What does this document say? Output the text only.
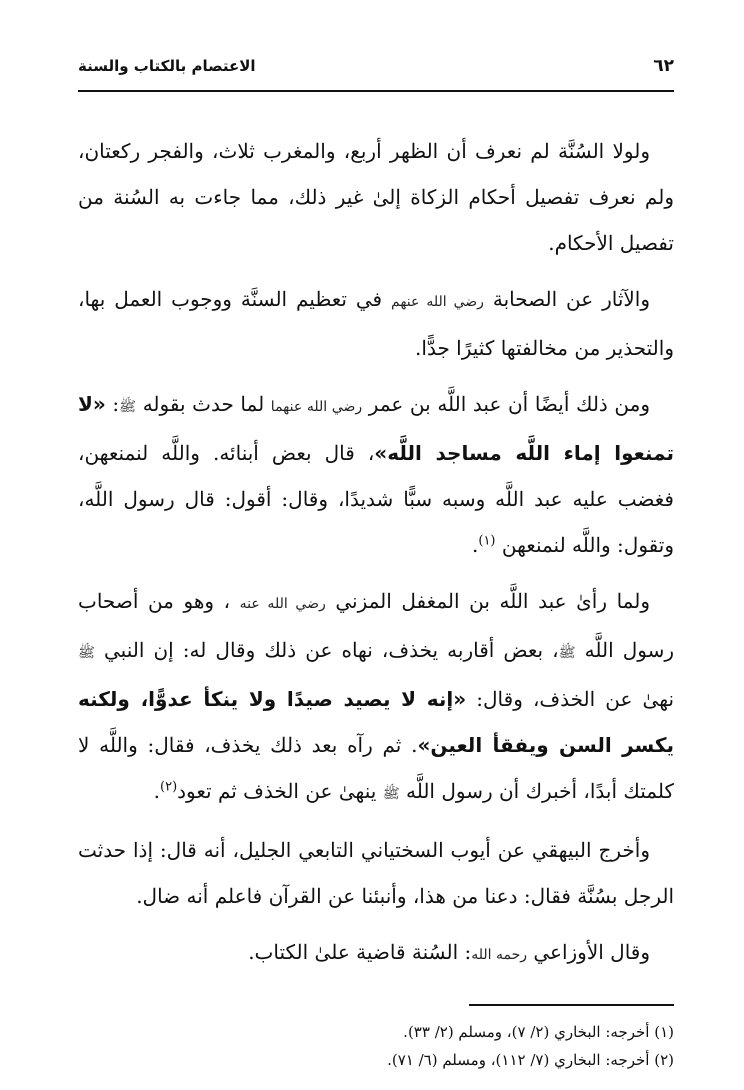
٦٢
الاعتصام بالكتاب والسنة

ولولا السُنَّة لم نعرف أن الظهر أربع، والمغرب ثلاث، والفجر ركعتان، ولم نعرف تفصيل أحكام الزكاة إلىٰ غير ذلك، مما جاءت به السُنة من تفصيل الأحكام.

والآثار عن الصحابة رضي الله عنهم في تعظيم السنَّة ووجوب العمل بها، والتحذير من مخالفتها كثيرًا جدًّا.

ومن ذلك أيضًا أن عبد اللَّه بن عمر رضي الله عنهما لما حدث بقوله ﷺ: «لا تمنعوا إماء اللَّه مساجد اللَّه»، قال بعض أبنائه. واللَّه لنمنعهن، فغضب عليه عبد اللَّه وسبه سبًّا شديدًا، وقال: أقول: قال رسول اللَّه، وتقول: واللَّه لنمنعهن $^{(١)}$.

ولما رأىٰ عبد اللَّه بن المغفل المزني رضي الله عنه ، وهو من أصحاب رسول اللَّه ﷺ، بعض أقاربه يخذف، نهاه عن ذلك وقال له: إن النبي ﷺ نهىٰ عن الخذف، وقال: «إنه لا يصيد صيدًا ولا ينكأ عدوًّا، ولكنه يكسر السن ويفقأ العين». ثم رآه بعد ذلك يخذف، فقال: واللَّه لا كلمتك أبدًا، أخبرك أن رسول اللَّه ﷺ ينهىٰ عن الخذف ثم تعود$^{(٢)}$.

وأخرج البيهقي عن أيوب السختياني التابعي الجليل، أنه قال: إذا حدثت الرجل بسُنَّة فقال: دعنا من هذا، وأنبئنا عن القرآن فاعلم أنه ضال.

وقال الأوزاعي رحمه الله: السُنة قاضية علىٰ الكتاب.

(١) أخرجه: البخاري (٢/ ٧)، ومسلم (٢/ ٣٣).

(٢) أخرجه: البخاري (٧/ ١١٢)، ومسلم (٦/ ٧١).
